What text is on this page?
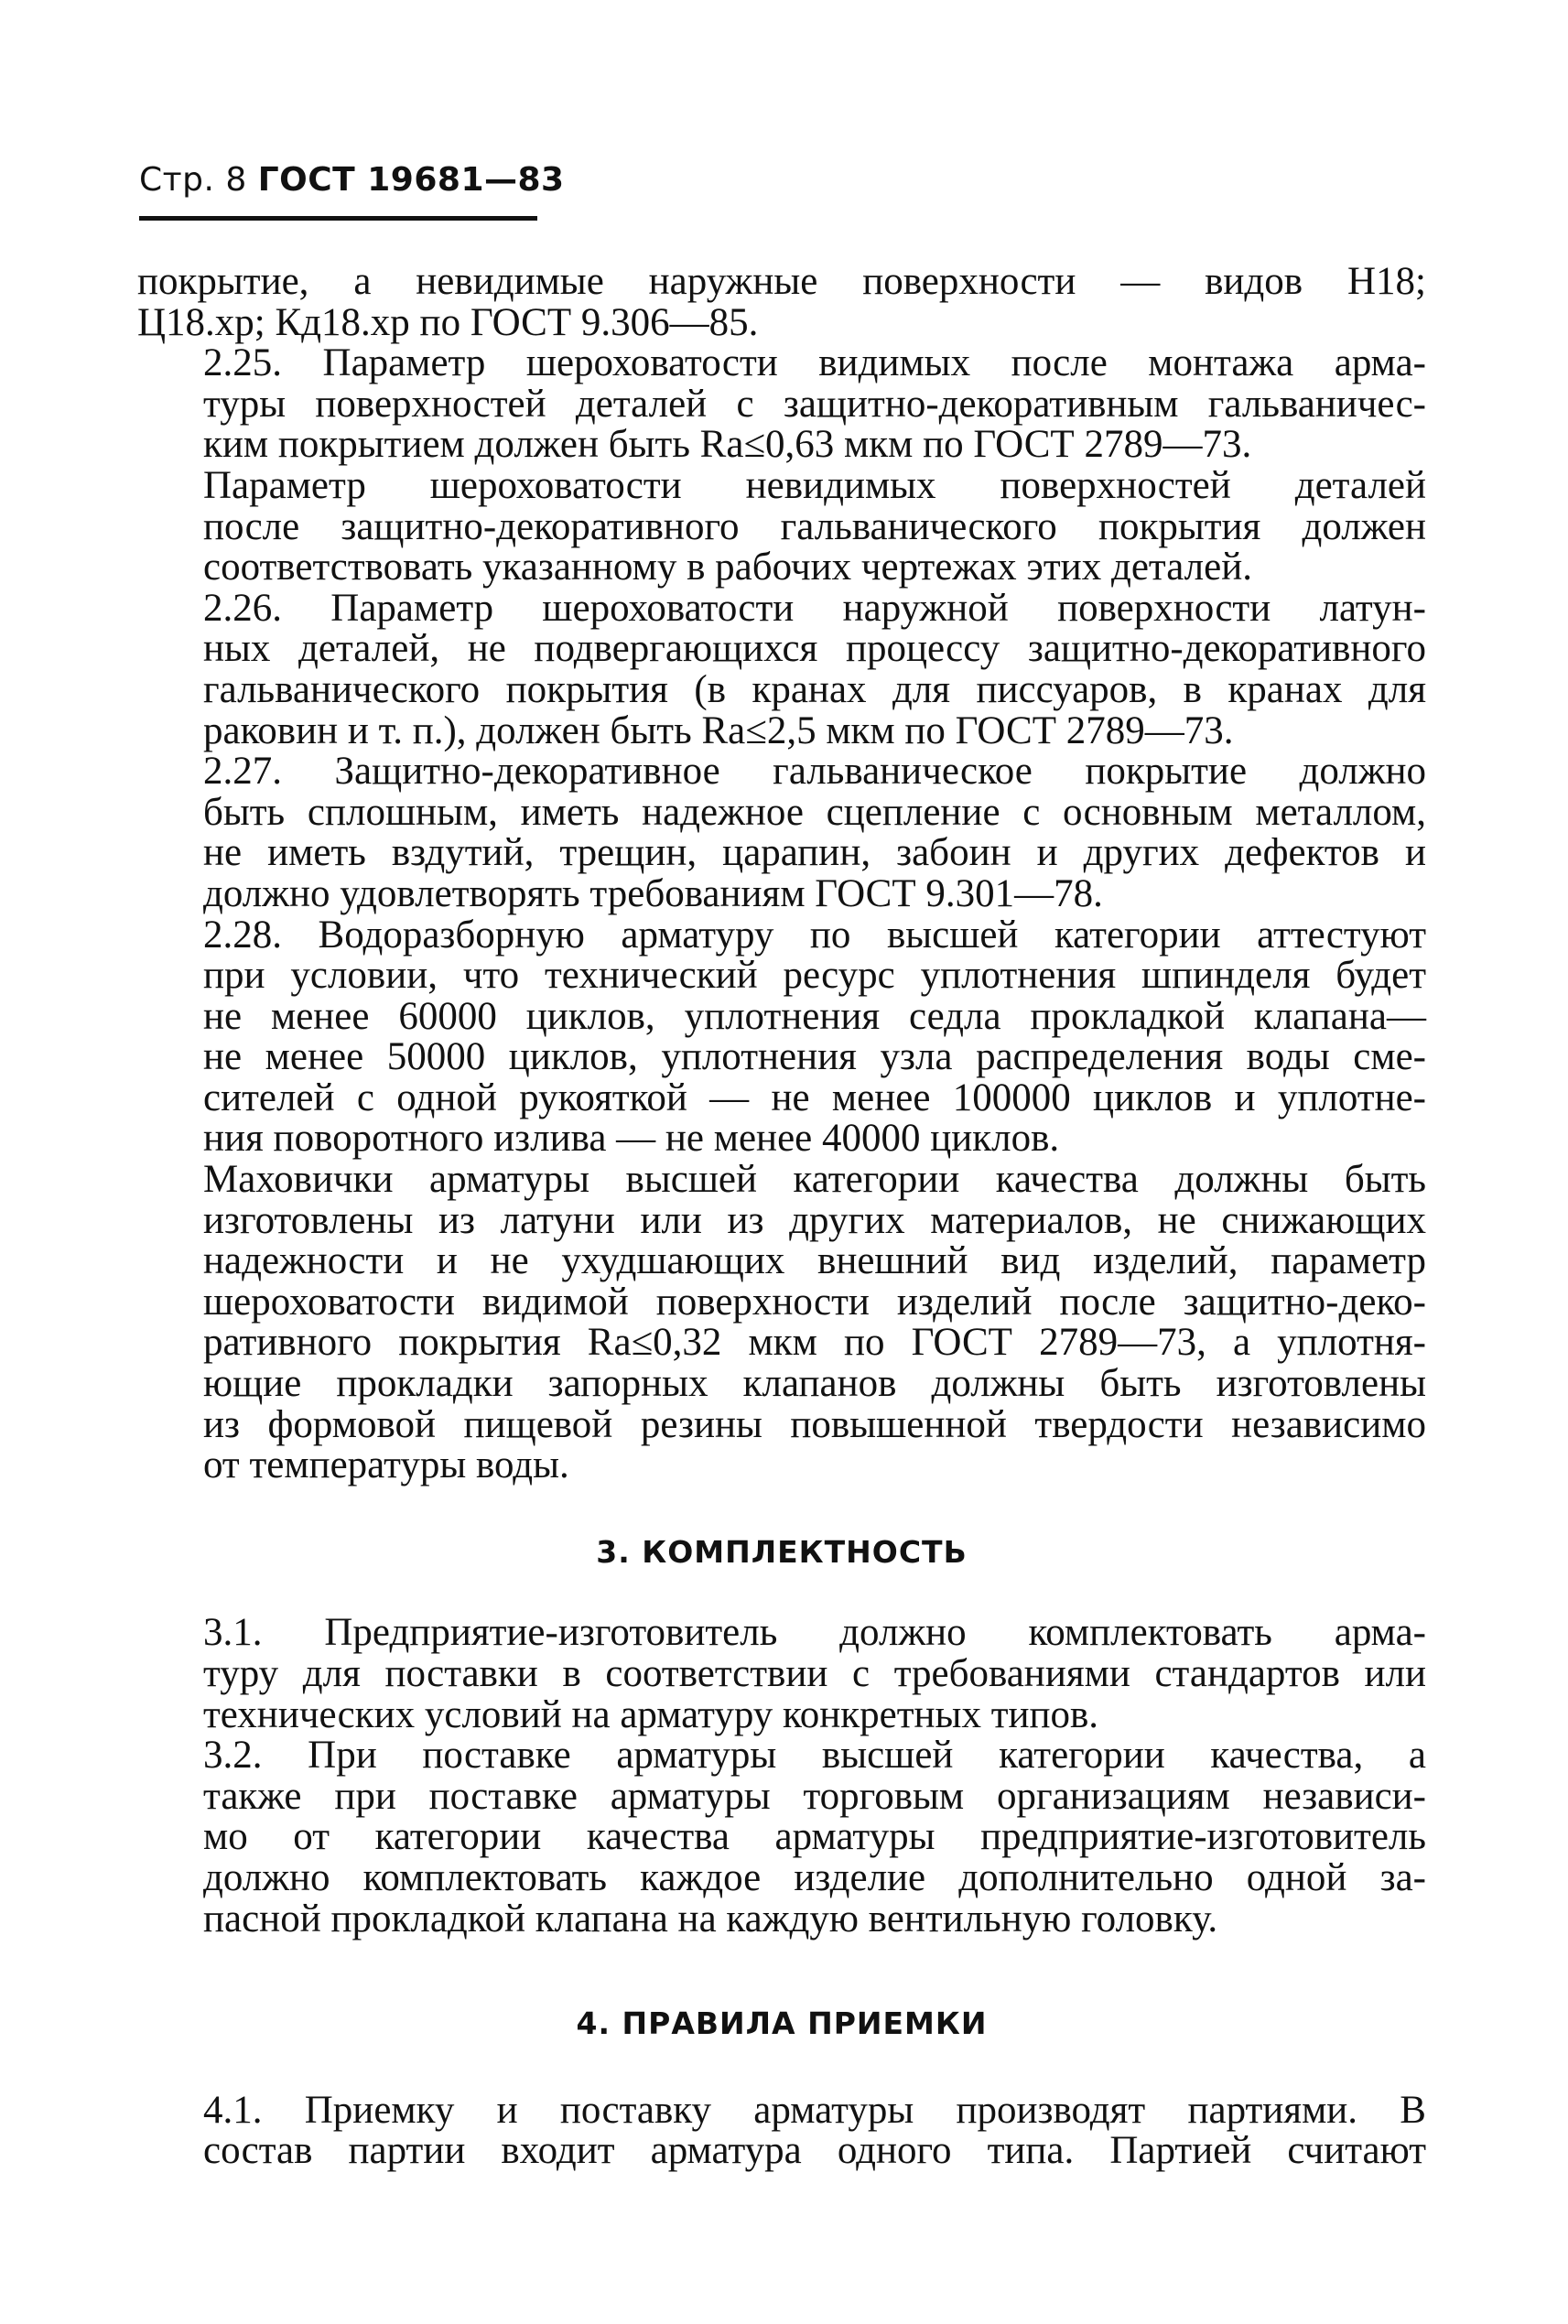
Стр. 8 ГОСТ 19681—83

покрытие, а невидимые наружные поверхности — видов Н18;
Ц18.хр; Кд18.хр по ГОСТ 9.306—85.

2.25. Параметр шероховатости видимых после монтажа арма-
туры поверхностей деталей с защитно-декоративным гальваничес-
ким покрытием должен быть Ra≤0,63 мкм по ГОСТ 2789—73.

Параметр шероховатости невидимых поверхностей деталей
после защитно-декоративного гальванического покрытия должен
соответствовать указанному в рабочих чертежах этих деталей.

2.26. Параметр шероховатости наружной поверхности латун-
ных деталей, не подвергающихся процессу защитно-декоративного
гальванического покрытия (в кранах для писсуаров, в кранах для
раковин и т. п.), должен быть Ra≤2,5 мкм по ГОСТ 2789—73.

2.27. Защитно-декоративное гальваническое покрытие должно
быть сплошным, иметь надежное сцепление с основным металлом,
не иметь вздутий, трещин, царапин, забоин и других дефектов и
должно удовлетворять требованиям ГОСТ 9.301—78.

2.28. Водоразборную арматуру по высшей категории аттестуют
при условии, что технический ресурс уплотнения шпинделя будет
не менее 60000 циклов, уплотнения седла прокладкой клапана—
не менее 50000 циклов, уплотнения узла распределения воды сме-
сителей с одной рукояткой — не менее 100000 циклов и уплотне-
ния поворотного излива — не менее 40000 циклов.

Маховички арматуры высшей категории качества должны быть
изготовлены из латуни или из других материалов, не снижающих
надежности и не ухудшающих внешний вид изделий, параметр
шероховатости видимой поверхности изделий после защитно-деко-
ративного покрытия Ra≤0,32 мкм по ГОСТ 2789—73, а уплотня-
ющие прокладки запорных клапанов должны быть изготовлены
из формовой пищевой резины повышенной твердости независимо
от температуры воды.

3. КОМПЛЕКТНОСТЬ

3.1. Предприятие-изготовитель должно комплектовать арма-
туру для поставки в соответствии с требованиями стандартов или
технических условий на арматуру конкретных типов.

3.2. При поставке арматуры высшей категории качества, а
также при поставке арматуры торговым организациям независи-
мо от категории качества арматуры предприятие-изготовитель
должно комплектовать каждое изделие дополнительно одной за-
пасной прокладкой клапана на каждую вентильную головку.

4. ПРАВИЛА ПРИЕМКИ

4.1. Приемку и поставку арматуры производят партиями. В
состав партии входит арматура одного типа. Партией считают
